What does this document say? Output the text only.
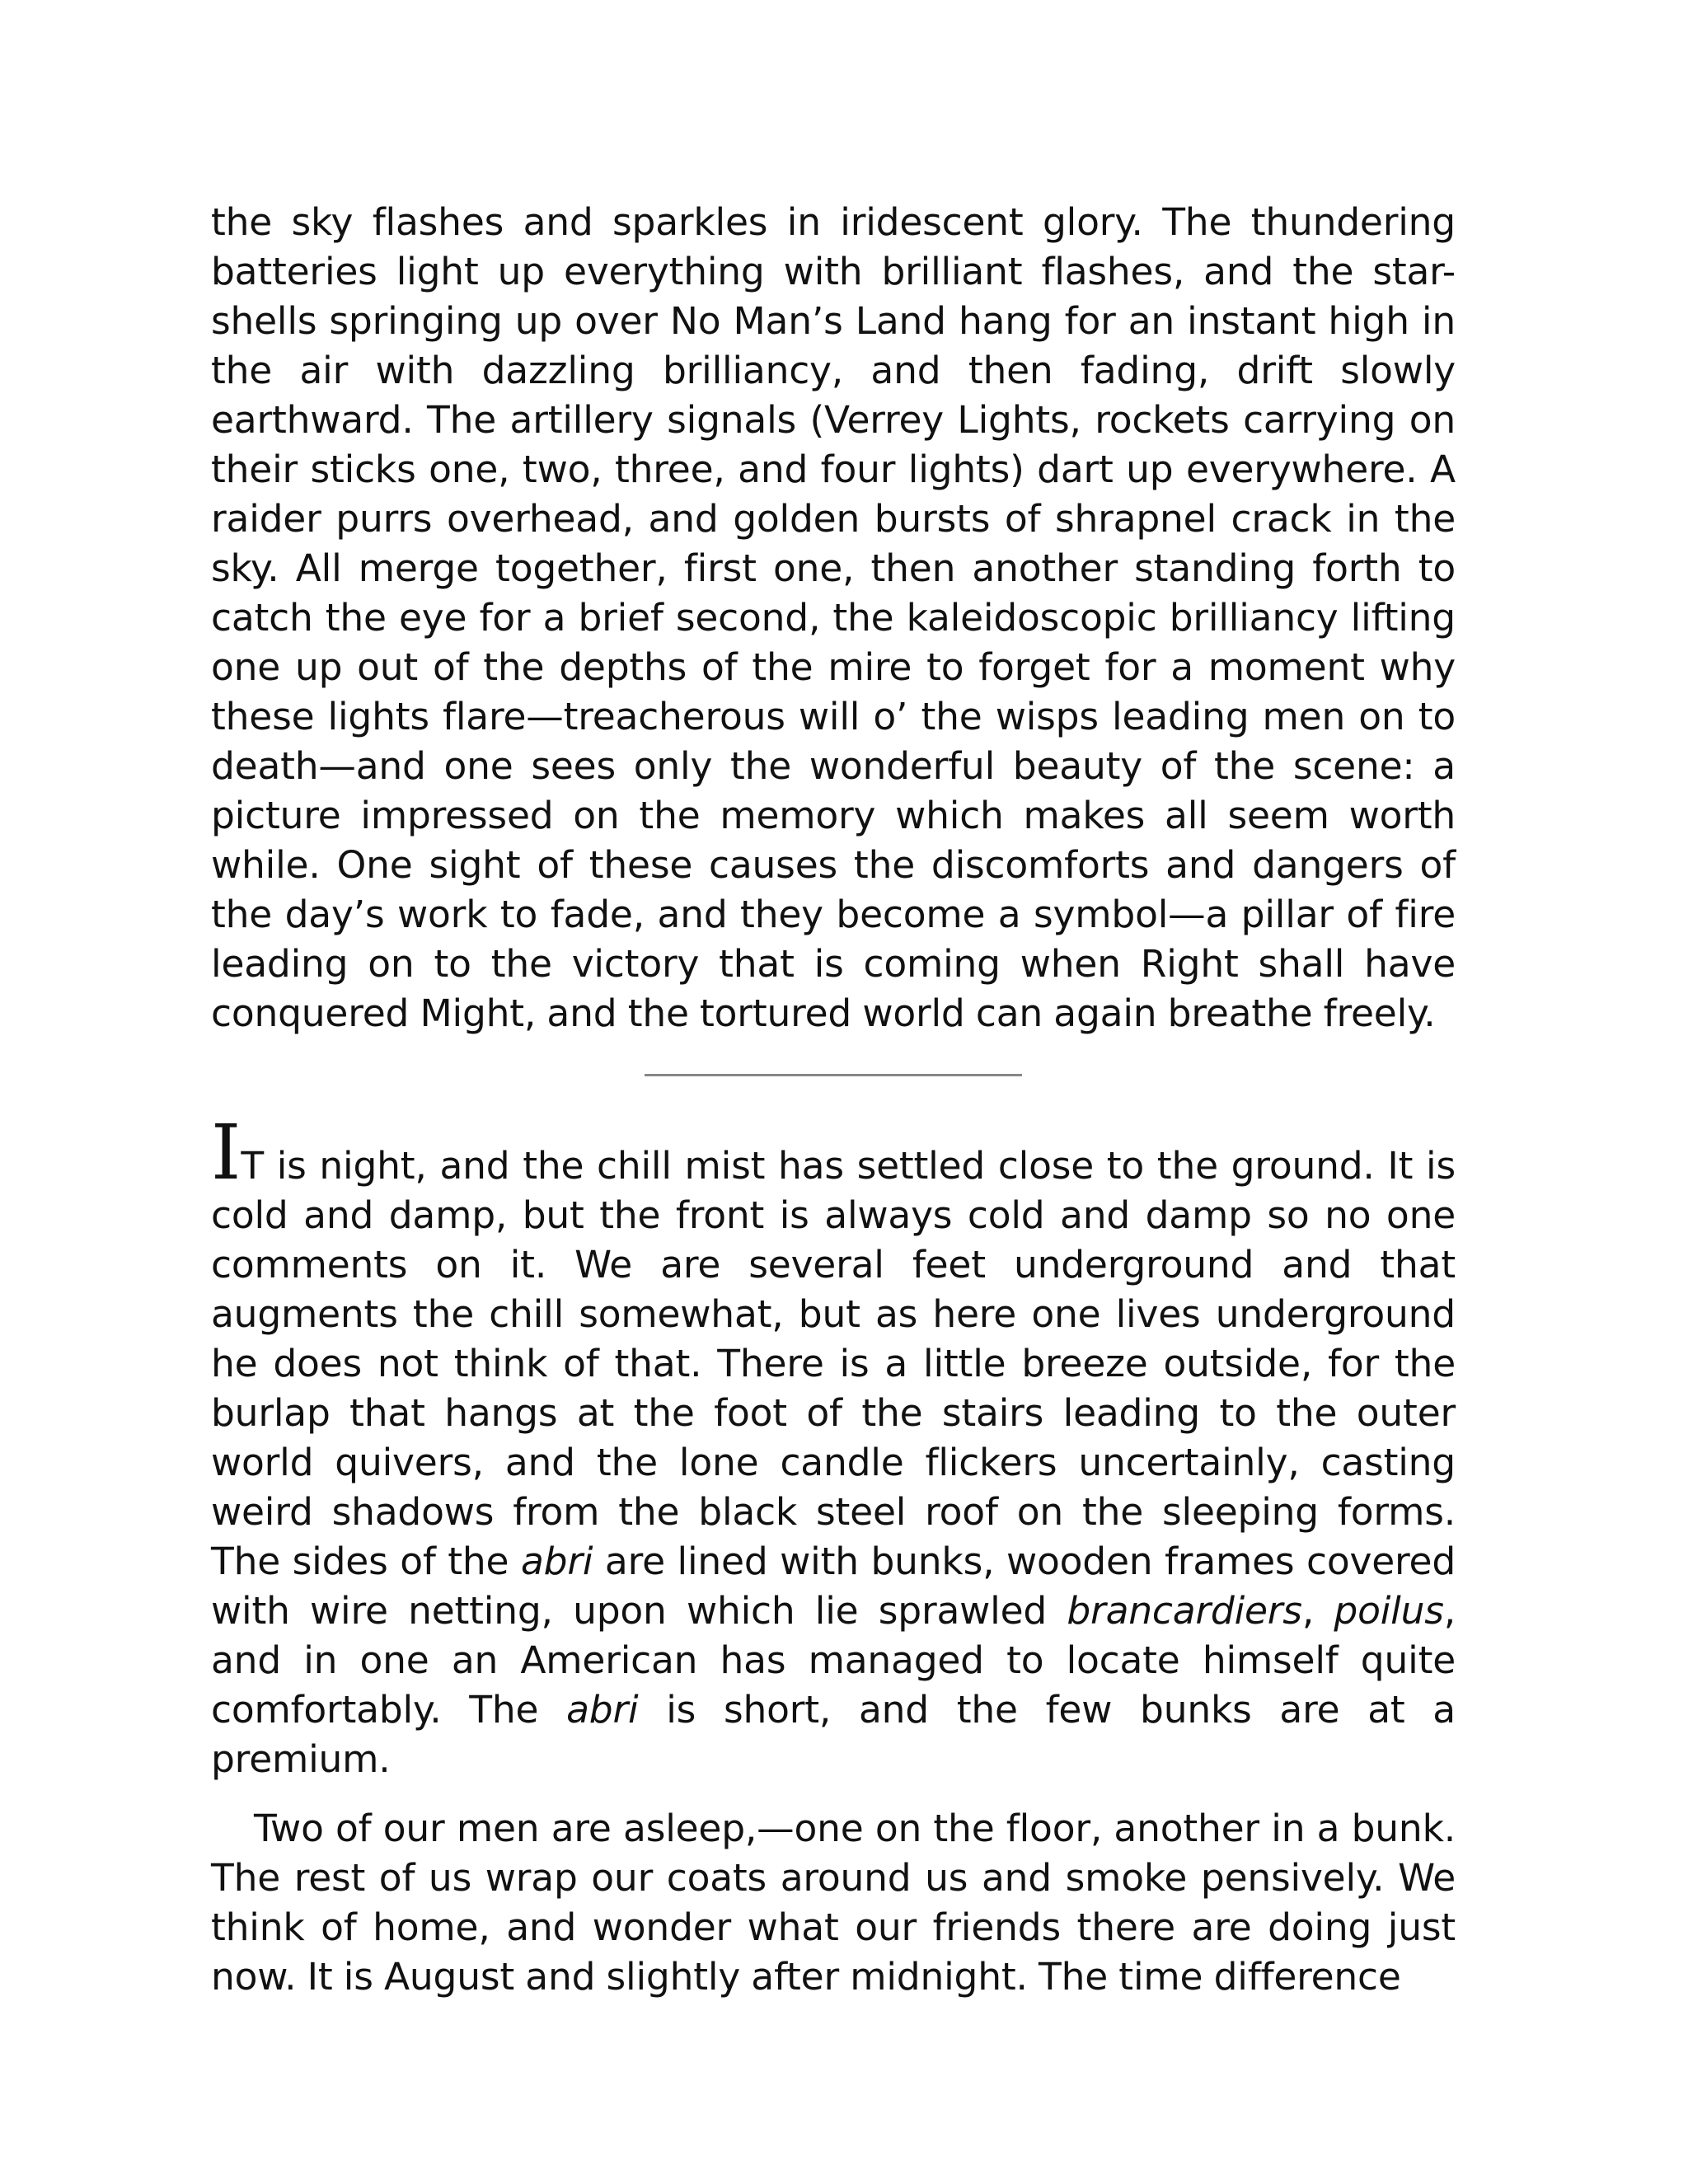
the sky flashes and sparkles in iridescent glory. The thundering batteries light up everything with brilliant flashes, and the star-shells springing up over No Man’s Land hang for an instant high in the air with dazzling brilliancy, and then fading, drift slowly earthward. The artillery signals (Verrey Lights, rockets carrying on their sticks one, two, three, and four lights) dart up everywhere. A raider purrs overhead, and golden bursts of shrapnel crack in the sky. All merge together, first one, then another standing forth to catch the eye for a brief second, the kaleidoscopic brilliancy lifting one up out of the depths of the mire to forget for a moment why these lights flare—treacherous will o’ the wisps leading men on to death—and one sees only the wonderful beauty of the scene: a picture impressed on the memory which makes all seem worth while. One sight of these causes the discomforts and dangers of the day’s work to fade, and they become a symbol—a pillar of fire leading on to the victory that is coming when Right shall have conquered Might, and the tortured world can again breathe freely.

IT is night, and the chill mist has settled close to the ground. It is cold and damp, but the front is always cold and damp so no one comments on it. We are several feet underground and that augments the chill somewhat, but as here one lives underground he does not think of that. There is a little breeze outside, for the burlap that hangs at the foot of the stairs leading to the outer world quivers, and the lone candle flickers uncertainly, casting weird shadows from the black steel roof on the sleeping forms. The sides of the abri are lined with bunks, wooden frames covered with wire netting, upon which lie sprawled brancardiers, poilus, and in one an American has managed to locate himself quite comfortably. The abri is short, and the few bunks are at a premium.

Two of our men are asleep,—one on the floor, another in a bunk. The rest of us wrap our coats around us and smoke pensively. We think of home, and wonder what our friends there are doing just now. It is August and slightly after midnight. The time difference
